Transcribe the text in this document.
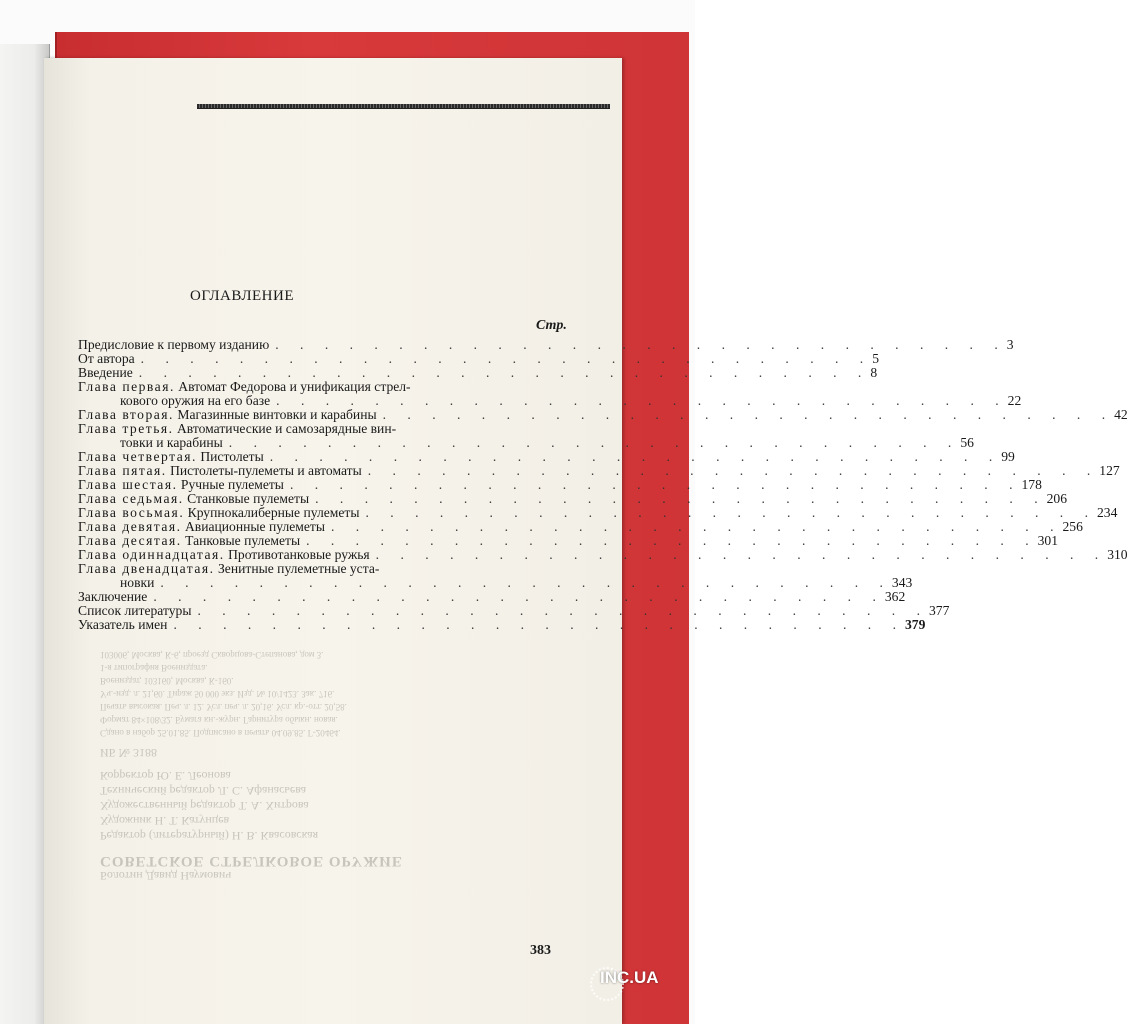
ОГЛАВЛЕНИЕ
Стр.
Предисловие к первому изданию . . . . . . . . . . . . . . . . . . . . . . . . . . . . . . 3
От автора . . . . . . . . . . . . . . . . . . . . . . . . . . . . . . 5
Введение . . . . . . . . . . . . . . . . . . . . . . . . . . . . . . 8
Глава первая. Автомат Федорова и унификация стрел-
кового оружия на его базе . . . . . . . . . . . . . . . . . . . . . . . . . . . . . . 22
Глава вторая. Магазинные винтовки и карабины . . . . . . . . . . . . . . . . . . . . . . . . . . . . . . 42
Глава третья. Автоматические и самозарядные вин-
товки и карабины . . . . . . . . . . . . . . . . . . . . . . . . . . . . . . 56
Глава четвертая. Пистолеты . . . . . . . . . . . . . . . . . . . . . . . . . . . . . . 99
Глава пятая. Пистолеты-пулеметы и автоматы . . . . . . . . . . . . . . . . . . . . . . . . . . . . . . 127
Глава шестая. Ручные пулеметы . . . . . . . . . . . . . . . . . . . . . . . . . . . . . . 178
Глава седьмая. Станковые пулеметы . . . . . . . . . . . . . . . . . . . . . . . . . . . . . . 206
Глава восьмая. Крупнокалиберные пулеметы . . . . . . . . . . . . . . . . . . . . . . . . . . . . . . 234
Глава девятая. Авиационные пулеметы . . . . . . . . . . . . . . . . . . . . . . . . . . . . . . 256
Глава десятая. Танковые пулеметы . . . . . . . . . . . . . . . . . . . . . . . . . . . . . . 301
Глава одиннадцатая. Противотанковые ружья . . . . . . . . . . . . . . . . . . . . . . . . . . . . . . 310
Глава двенадцатая. Зенитные пулеметные уста-
новки . . . . . . . . . . . . . . . . . . . . . . . . . . . . . . 343
Заключение . . . . . . . . . . . . . . . . . . . . . . . . . . . . . . 362
Список литературы . . . . . . . . . . . . . . . . . . . . . . . . . . . . . . 377
Указатель имен . . . . . . . . . . . . . . . . . . . . . . . . . . . . . . 379
Болотин Давид Наумович
СОВЕТСКОЕ СТРЕЛКОВОЕ ОРУЖИЕ
Редактор (литературный) Н. В. Квасовская
Художник Н. Т. Катунцев
Художественный редактор Т. А. Хитрова
Технический редактор Л. С. Афанасьева
Корректор Ю. Е. Леонова
ИБ № 3188
Сдано в набор 25.01.85. Подписано в печать 04.09.85. Г-20464.
Формат 84×108/32. Бумага кн.-журн. Гарнитура обыкн. новая.
Печать высокая. Печ. л. 12. Усл. печ. л. 20,16. Усл. кр.-отт. 20,58.
Уч.-изд. л. 21,60. Тираж 50 000 экз. Изд. № 10/1423. Зак. 716.
Воениздат, 103160, Москва, К-160.
1-я типография Воениздата.
103006, Москва, К-6, проезд Скворцова-Степанова, дом 3.
383
INC.UA
